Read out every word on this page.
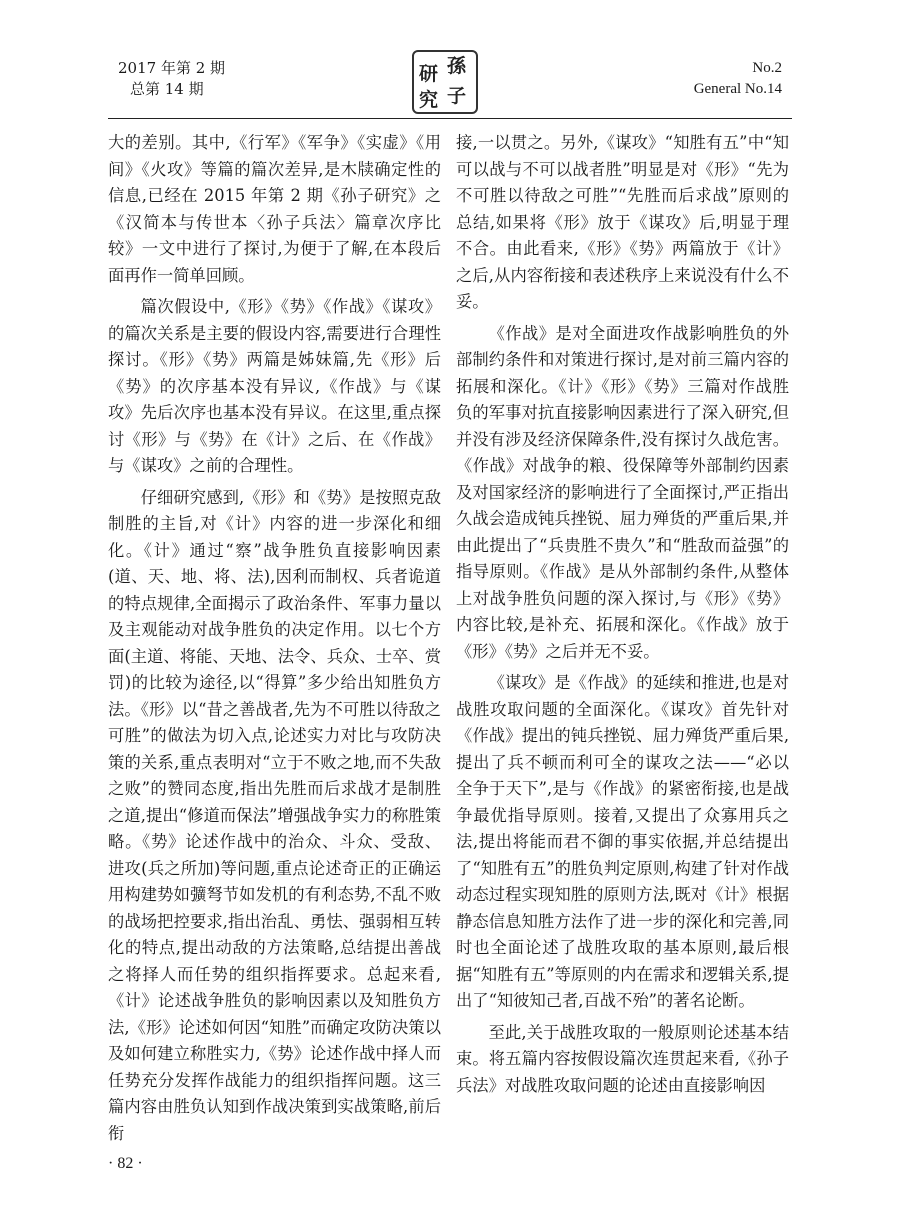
2017 年第 2 期
总第 14 期
孫
子
研
究
No.2
General No.14

大的差别。其中,《行军》《军争》《实虚》《用间》《火攻》等篇的篇次差异,是木牍确定性的信息,已经在 2015 年第 2 期《孙子研究》之《汉简本与传世本〈孙子兵法〉篇章次序比较》一文中进行了探讨,为便于了解,在本段后面再作一简单回顾。

篇次假设中,《形》《势》《作战》《谋攻》的篇次关系是主要的假设内容,需要进行合理性探讨。《形》《势》两篇是姊妹篇,先《形》后《势》的次序基本没有异议,《作战》与《谋攻》先后次序也基本没有异议。在这里,重点探讨《形》与《势》在《计》之后、在《作战》与《谋攻》之前的合理性。

仔细研究感到,《形》和《势》是按照克敌制胜的主旨,对《计》内容的进一步深化和细化。《计》通过“察”战争胜负直接影响因素(道、天、地、将、法),因利而制权、兵者诡道的特点规律,全面揭示了政治条件、军事力量以及主观能动对战争胜负的决定作用。以七个方面(主道、将能、天地、法令、兵众、士卒、赏罚)的比较为途径,以“得算”多少给出知胜负方法。《形》以“昔之善战者,先为不可胜以待敌之可胜”的做法为切入点,论述实力对比与攻防决策的关系,重点表明对“立于不败之地,而不失敌之败”的赞同态度,指出先胜而后求战才是制胜之道,提出“修道而保法”增强战争实力的称胜策略。《势》论述作战中的治众、斗众、受敌、进攻(兵之所加)等问题,重点论述奇正的正确运用构建势如彍弩节如发机的有利态势,不乱不败的战场把控要求,指出治乱、勇怯、强弱相互转化的特点,提出动敌的方法策略,总结提出善战之将择人而任势的组织指挥要求。总起来看,《计》论述战争胜负的影响因素以及知胜负方法,《形》论述如何因“知胜”而确定攻防决策以及如何建立称胜实力,《势》论述作战中择人而任势充分发挥作战能力的组织指挥问题。这三篇内容由胜负认知到作战决策到实战策略,前后衔

接,一以贯之。另外,《谋攻》“知胜有五”中“知可以战与不可以战者胜”明显是对《形》“先为不可胜以待敌之可胜”“先胜而后求战”原则的总结,如果将《形》放于《谋攻》后,明显于理不合。由此看来,《形》《势》两篇放于《计》之后,从内容衔接和表述秩序上来说没有什么不妥。

《作战》是对全面进攻作战影响胜负的外部制约条件和对策进行探讨,是对前三篇内容的拓展和深化。《计》《形》《势》三篇对作战胜负的军事对抗直接影响因素进行了深入研究,但并没有涉及经济保障条件,没有探讨久战危害。《作战》对战争的粮、役保障等外部制约因素及对国家经济的影响进行了全面探讨,严正指出久战会造成钝兵挫锐、屈力殚货的严重后果,并由此提出了“兵贵胜不贵久”和“胜敌而益强”的指导原则。《作战》是从外部制约条件,从整体上对战争胜负问题的深入探讨,与《形》《势》内容比较,是补充、拓展和深化。《作战》放于《形》《势》之后并无不妥。

《谋攻》是《作战》的延续和推进,也是对战胜攻取问题的全面深化。《谋攻》首先针对《作战》提出的钝兵挫锐、屈力殚货严重后果,提出了兵不顿而利可全的谋攻之法——“必以全争于天下”,是与《作战》的紧密衔接,也是战争最优指导原则。接着,又提出了众寡用兵之法,提出将能而君不御的事实依据,并总结提出了“知胜有五”的胜负判定原则,构建了针对作战动态过程实现知胜的原则方法,既对《计》根据静态信息知胜方法作了进一步的深化和完善,同时也全面论述了战胜攻取的基本原则,最后根据“知胜有五”等原则的内在需求和逻辑关系,提出了“知彼知己者,百战不殆”的著名论断。

至此,关于战胜攻取的一般原则论述基本结束。将五篇内容按假设篇次连贯起来看,《孙子兵法》对战胜攻取问题的论述由直接影响因

· 82 ·
